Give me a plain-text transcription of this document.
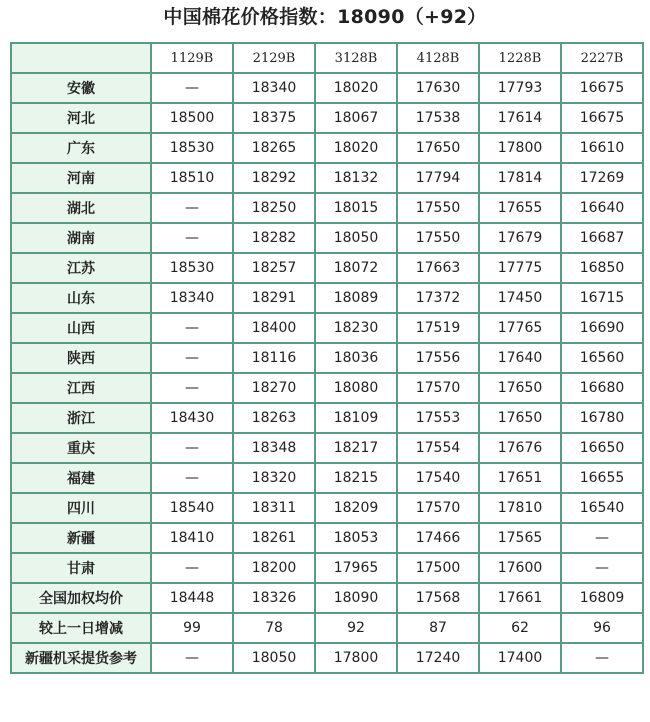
中国棉花价格指数：18090（+92）
	1129B	2129B	3128B	4128B	1228B	2227B
安徽	—	18340	18020	17630	17793	16675
河北	18500	18375	18067	17538	17614	16675
广东	18530	18265	18020	17650	17800	16610
河南	18510	18292	18132	17794	17814	17269
湖北	—	18250	18015	17550	17655	16640
湖南	—	18282	18050	17550	17679	16687
江苏	18530	18257	18072	17663	17775	16850
山东	18340	18291	18089	17372	17450	16715
山西	—	18400	18230	17519	17765	16690
陕西	—	18116	18036	17556	17640	16560
江西	—	18270	18080	17570	17650	16680
浙江	18430	18263	18109	17553	17650	16780
重庆	—	18348	18217	17554	17676	16650
福建	—	18320	18215	17540	17651	16655
四川	18540	18311	18209	17570	17810	16540
新疆	18410	18261	18053	17466	17565	—
甘肃	—	18200	17965	17500	17600	—
全国加权均价	18448	18326	18090	17568	17661	16809
较上一日增减	99	78	92	87	62	96
新疆机采提货参考	—	18050	17800	17240	17400	—
